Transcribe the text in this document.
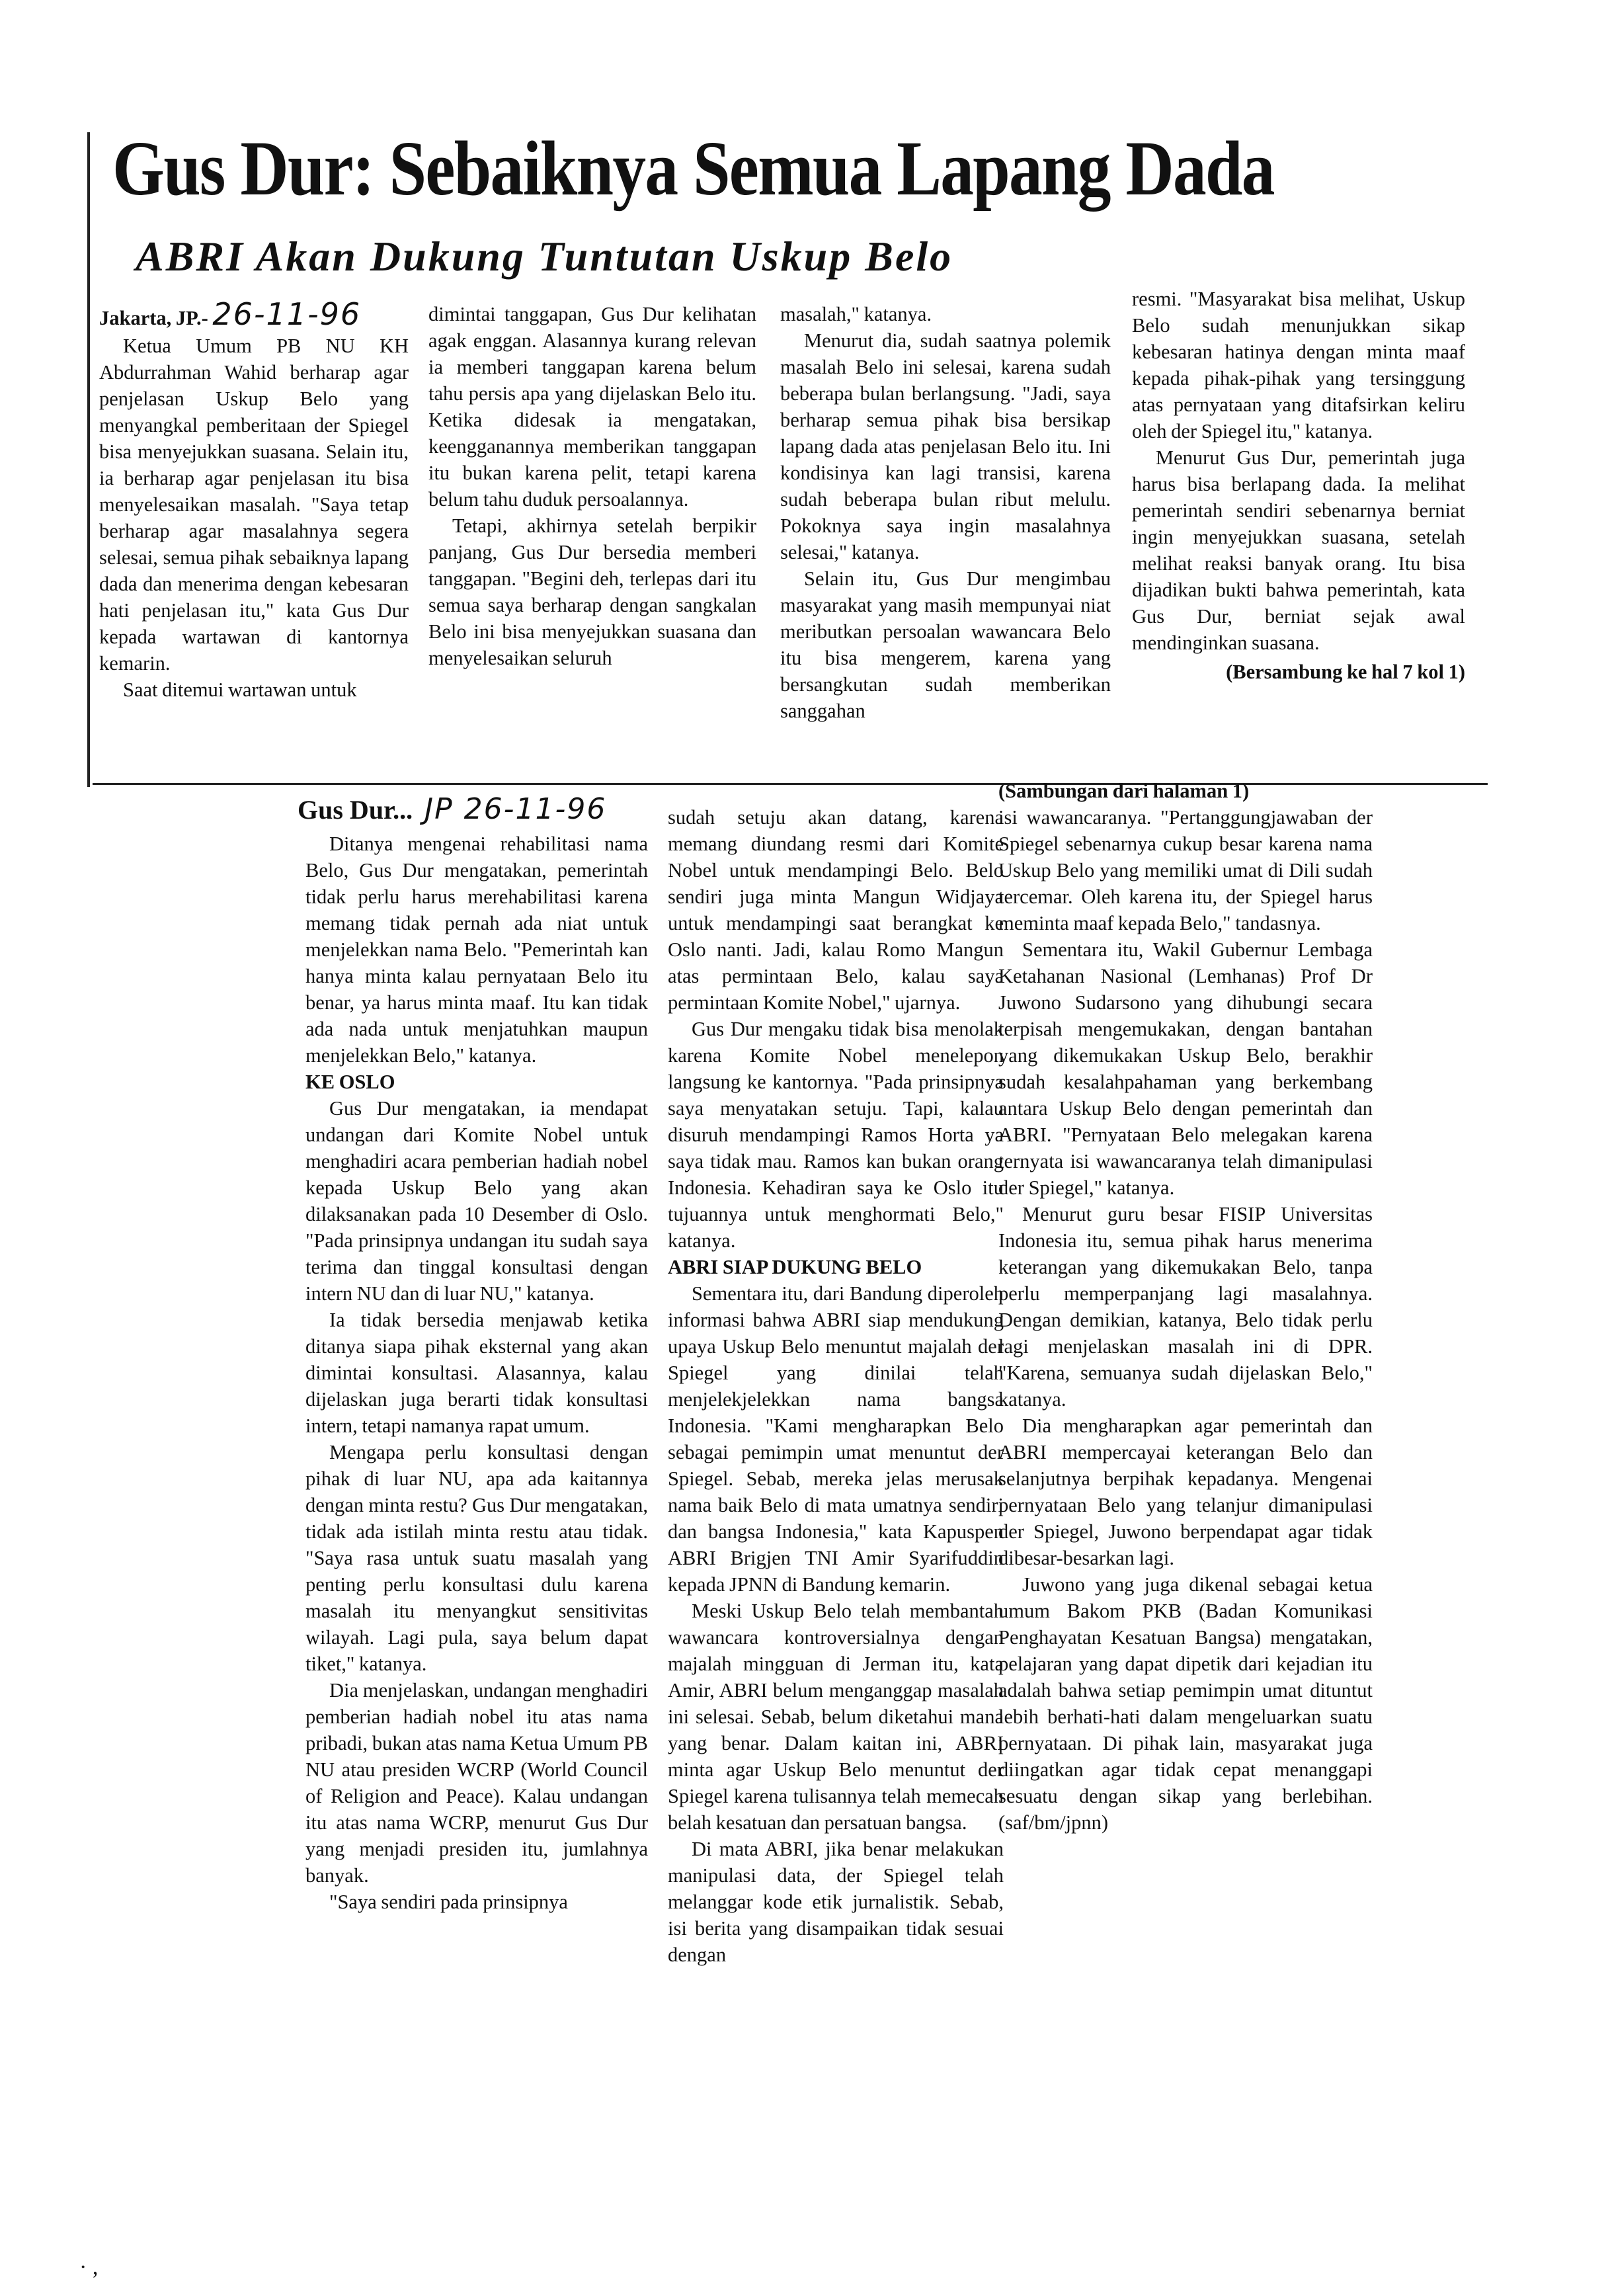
Gus Dur: Sebaiknya Semua Lapang Dada
ABRI Akan Dukung Tuntutan Uskup Belo

Jakarta, JP.- 26-11-96

Ketua Umum PB NU KH Abdurrahman Wahid berharap agar penjelasan Uskup Belo yang menyangkal pemberitaan der Spiegel bisa menyejukkan suasana. Selain itu, ia berharap agar penjelasan itu bisa menyelesaikan masalah. "Saya tetap berharap agar masalahnya segera selesai, semua pihak sebaiknya lapang dada dan menerima dengan kebesaran hati penjelasan itu," kata Gus Dur kepada wartawan di kantornya kemarin.

Saat ditemui wartawan untuk

dimintai tanggapan, Gus Dur kelihatan agak enggan. Alasannya kurang relevan ia memberi tanggapan karena belum tahu persis apa yang dijelaskan Belo itu. Ketika didesak ia mengatakan, keengganannya memberikan tanggapan itu bukan karena pelit, tetapi karena belum tahu duduk persoalannya.

Tetapi, akhirnya setelah berpikir panjang, Gus Dur bersedia memberi tanggapan. "Begini deh, terlepas dari itu semua saya berharap dengan sangkalan Belo ini bisa menyejukkan suasana dan menyelesaikan seluruh

masalah," katanya.

Menurut dia, sudah saatnya polemik masalah Belo ini selesai, karena sudah beberapa bulan berlangsung. "Jadi, saya berharap semua pihak bisa bersikap lapang dada atas penjelasan Belo itu. Ini kondisinya kan lagi transisi, karena sudah beberapa bulan ribut melulu. Pokoknya saya ingin masalahnya selesai," katanya.

Selain itu, Gus Dur mengimbau masyarakat yang masih mempunyai niat meributkan persoalan wawancara Belo itu bisa mengerem, karena yang bersangkutan sudah memberikan sanggahan

resmi. "Masyarakat bisa melihat, Uskup Belo sudah menunjukkan sikap kebesaran hatinya dengan minta maaf kepada pihak-pihak yang tersinggung atas pernyataan yang ditafsirkan keliru oleh der Spiegel itu," katanya.

Menurut Gus Dur, pemerintah juga harus bisa berlapang dada. Ia melihat pemerintah sendiri sebenarnya berniat ingin menyejukkan suasana, setelah melihat reaksi banyak orang. Itu bisa dijadikan bukti bahwa pemerintah, kata Gus Dur, berniat sejak awal mendinginkan suasana.

(Bersambung ke hal 7 kol 1)

Gus Dur... JP 26-11-96

Ditanya mengenai rehabilitasi nama Belo, Gus Dur mengatakan, pemerintah tidak perlu harus merehabilitasi karena memang tidak pernah ada niat untuk menjelekkan nama Belo. "Pemerintah kan hanya minta kalau pernyataan Belo itu benar, ya harus minta maaf. Itu kan tidak ada nada untuk menjatuhkan maupun menjelekkan Belo," katanya.

KE OSLO

Gus Dur mengatakan, ia mendapat undangan dari Komite Nobel untuk menghadiri acara pemberian hadiah nobel kepada Uskup Belo yang akan dilaksanakan pada 10 Desember di Oslo. "Pada prinsipnya undangan itu sudah saya terima dan tinggal konsultasi dengan intern NU dan di luar NU," katanya.

Ia tidak bersedia menjawab ketika ditanya siapa pihak eksternal yang akan dimintai konsultasi. Alasannya, kalau dijelaskan juga berarti tidak konsultasi intern, tetapi namanya rapat umum.

Mengapa perlu konsultasi dengan pihak di luar NU, apa ada kaitannya dengan minta restu? Gus Dur mengatakan, tidak ada istilah minta restu atau tidak. "Saya rasa untuk suatu masalah yang penting perlu konsultasi dulu karena masalah itu menyangkut sensitivitas wilayah. Lagi pula, saya belum dapat tiket," katanya.

Dia menjelaskan, undangan menghadiri pemberian hadiah nobel itu atas nama pribadi, bukan atas nama Ketua Umum PB NU atau presiden WCRP (World Council of Religion and Peace). Kalau undangan itu atas nama WCRP, menurut Gus Dur yang menjadi presiden itu, jumlahnya banyak.

"Saya sendiri pada prinsipnya

sudah setuju akan datang, karena memang diundang resmi dari Komite Nobel untuk mendampingi Belo. Belo sendiri juga minta Mangun Widjaya untuk mendampingi saat berangkat ke Oslo nanti. Jadi, kalau Romo Mangun atas permintaan Belo, kalau saya permintaan Komite Nobel," ujarnya.

Gus Dur mengaku tidak bisa menolak karena Komite Nobel menelepon langsung ke kantornya. "Pada prinsipnya saya menyatakan setuju. Tapi, kalau disuruh mendampingi Ramos Horta ya saya tidak mau. Ramos kan bukan orang Indonesia. Kehadiran saya ke Oslo itu tujuannya untuk menghormati Belo," katanya.

ABRI SIAP DUKUNG BELO

Sementara itu, dari Bandung diperoleh informasi bahwa ABRI siap mendukung upaya Uskup Belo menuntut majalah der Spiegel yang dinilai telah menjelekjelekkan nama bangsa Indonesia. "Kami mengharapkan Belo sebagai pemimpin umat menuntut der Spiegel. Sebab, mereka jelas merusak nama baik Belo di mata umatnya sendiri dan bangsa Indonesia," kata Kapuspen ABRI Brigjen TNI Amir Syarifuddin kepada JPNN di Bandung kemarin.

Meski Uskup Belo telah membantah wawancara kontroversialnya dengan majalah mingguan di Jerman itu, kata Amir, ABRI belum menganggap masalah ini selesai. Sebab, belum diketahui mana yang benar. Dalam kaitan ini, ABRI minta agar Uskup Belo menuntut der Spiegel karena tulisannya telah memecah belah kesatuan dan persatuan bangsa.

Di mata ABRI, jika benar melakukan manipulasi data, der Spiegel telah melanggar kode etik jurnalistik. Sebab, isi berita yang disampaikan tidak sesuai dengan

(Sambungan dari halaman 1)

isi wawancaranya. "Pertanggungjawaban der Spiegel sebenarnya cukup besar karena nama Uskup Belo yang memiliki umat di Dili sudah tercemar. Oleh karena itu, der Spiegel harus meminta maaf kepada Belo," tandasnya.

Sementara itu, Wakil Gubernur Lembaga Ketahanan Nasional (Lemhanas) Prof Dr Juwono Sudarsono yang dihubungi secara terpisah mengemukakan, dengan bantahan yang dikemukakan Uskup Belo, berakhir sudah kesalahpahaman yang berkembang antara Uskup Belo dengan pemerintah dan ABRI. "Pernyataan Belo melegakan karena ternyata isi wawancaranya telah dimanipulasi der Spiegel," katanya.

Menurut guru besar FISIP Universitas Indonesia itu, semua pihak harus menerima keterangan yang dikemukakan Belo, tanpa perlu memperpanjang lagi masalahnya. Dengan demikian, katanya, Belo tidak perlu lagi menjelaskan masalah ini di DPR. "Karena, semuanya sudah dijelaskan Belo," katanya.

Dia mengharapkan agar pemerintah dan ABRI mempercayai keterangan Belo dan selanjutnya berpihak kepadanya. Mengenai pernyataan Belo yang telanjur dimanipulasi der Spiegel, Juwono berpendapat agar tidak dibesar-besarkan lagi.

Juwono yang juga dikenal sebagai ketua umum Bakom PKB (Badan Komunikasi Penghayatan Kesatuan Bangsa) mengatakan, pelajaran yang dapat dipetik dari kejadian itu adalah bahwa setiap pemimpin umat dituntut lebih berhati-hati dalam mengeluarkan suatu pernyataan. Di pihak lain, masyarakat juga diingatkan agar tidak cepat menanggapi sesuatu dengan sikap yang berlebihan. (saf/bm/jpnn)

· ,
